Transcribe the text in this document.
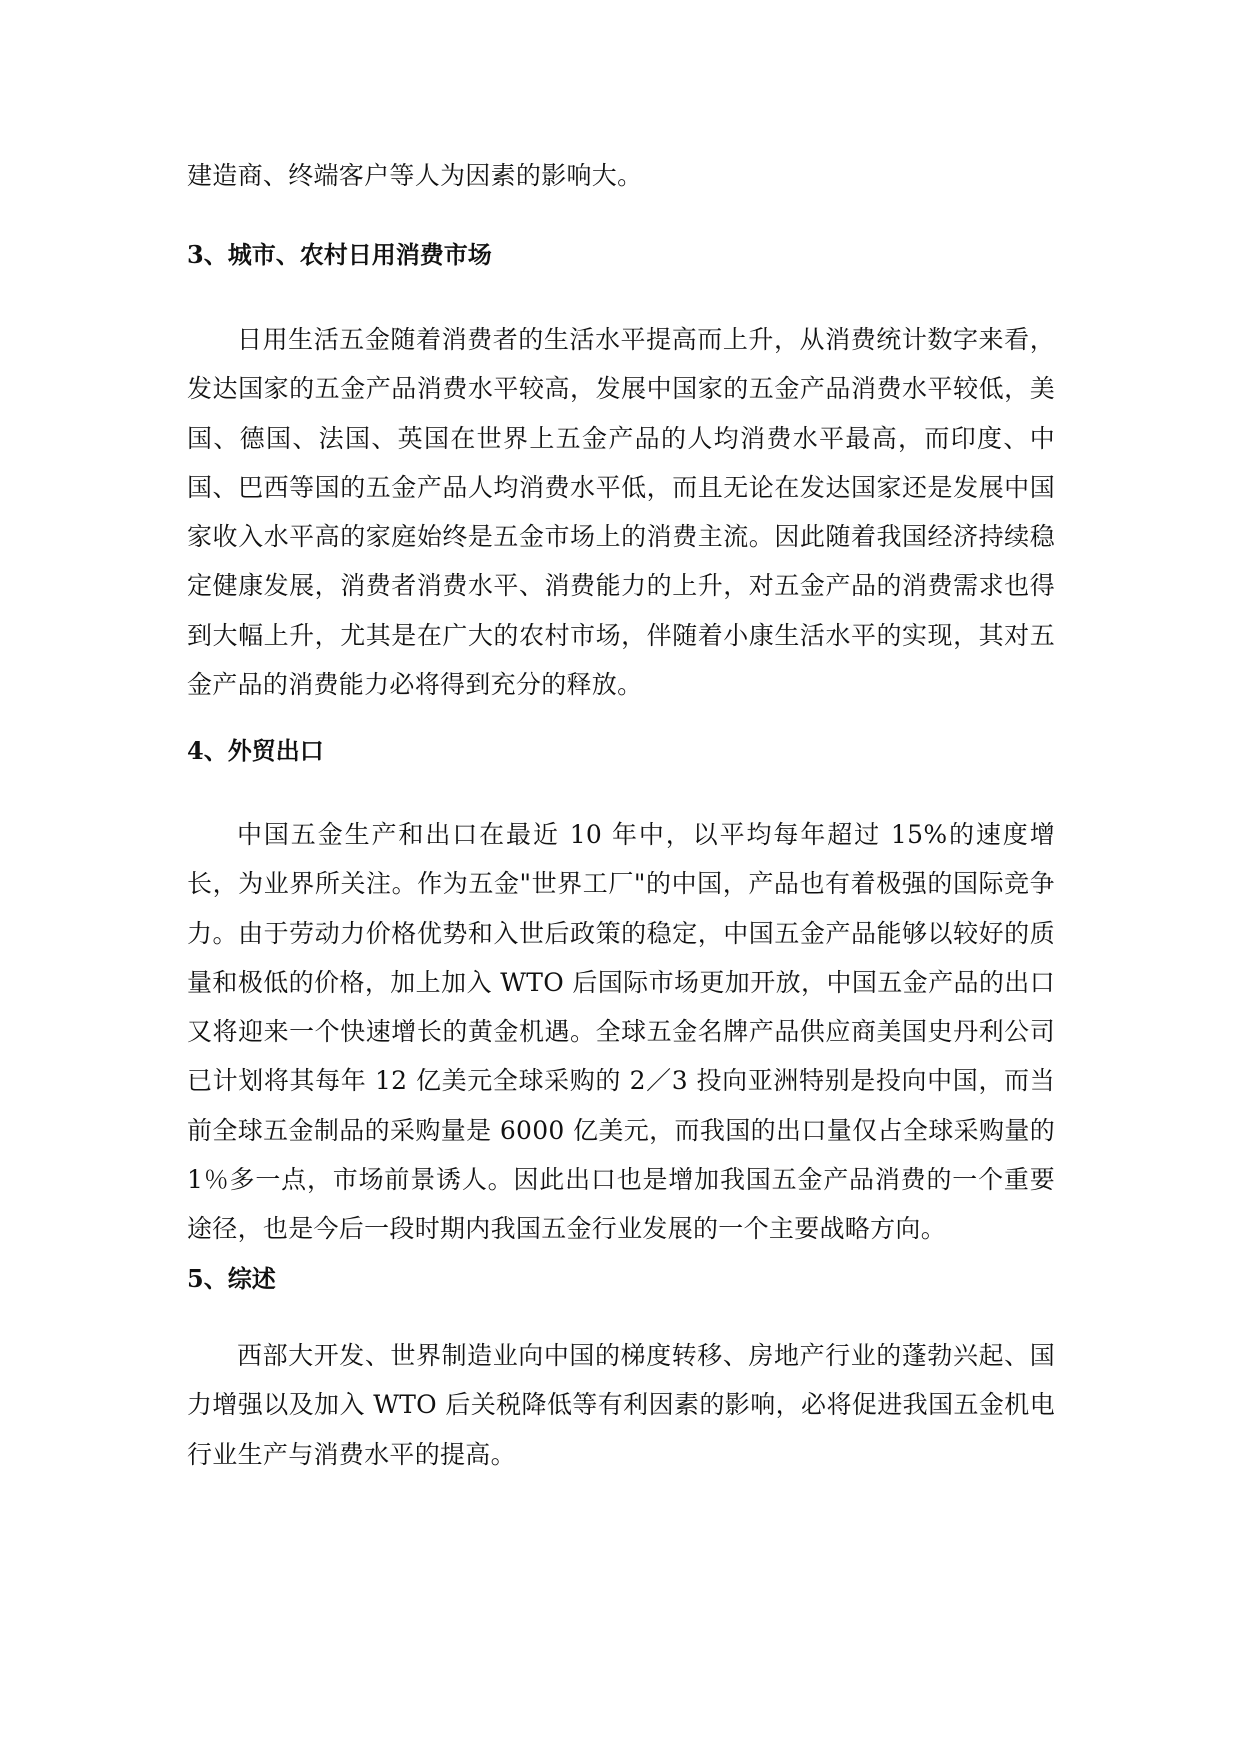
建造商、终端客户等人为因素的影响大。

3、城市、农村日用消费市场

日用生活五金随着消费者的生活水平提高而上升，从消费统计数字来看，发达国家的五金产品消费水平较高，发展中国家的五金产品消费水平较低，美国、德国、法国、英国在世界上五金产品的人均消费水平最高，而印度、中国、巴西等国的五金产品人均消费水平低，而且无论在发达国家还是发展中国家收入水平高的家庭始终是五金市场上的消费主流。因此随着我国经济持续稳定健康发展，消费者消费水平、消费能力的上升，对五金产品的消费需求也得到大幅上升，尤其是在广大的农村市场，伴随着小康生活水平的实现，其对五金产品的消费能力必将得到充分的释放。

4、外贸出口

中国五金生产和出口在最近 10 年中，以平均每年超过 15%的速度增长，为业界所关注。作为五金"世界工厂"的中国，产品也有着极强的国际竞争力。由于劳动力价格优势和入世后政策的稳定，中国五金产品能够以较好的质量和极低的价格，加上加入 WTO 后国际市场更加开放，中国五金产品的出口又将迎来一个快速增长的黄金机遇。全球五金名牌产品供应商美国史丹利公司已计划将其每年 12 亿美元全球采购的 2／3 投向亚洲特别是投向中国，而当前全球五金制品的采购量是 6000 亿美元，而我国的出口量仅占全球采购量的 1％多一点，市场前景诱人。因此出口也是增加我国五金产品消费的一个重要途径，也是今后一段时期内我国五金行业发展的一个主要战略方向。

5、综述

西部大开发、世界制造业向中国的梯度转移、房地产行业的蓬勃兴起、国力增强以及加入 WTO 后关税降低等有利因素的影响，必将促进我国五金机电行业生产与消费水平的提高。
